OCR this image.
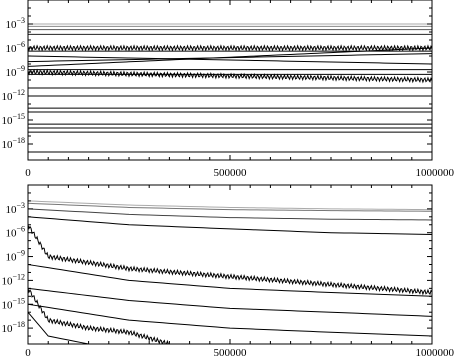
$10^{-3}$
$10^{-6}$
$10^{-9}$
$10^{-12}$
$10^{-15}$
$10^{-18}$
0	500000	1000000
$10^{-3}$
$10^{-6}$
$10^{-9}$
$10^{-12}$
$10^{-15}$
$10^{-18}$
0	500000	1000000
